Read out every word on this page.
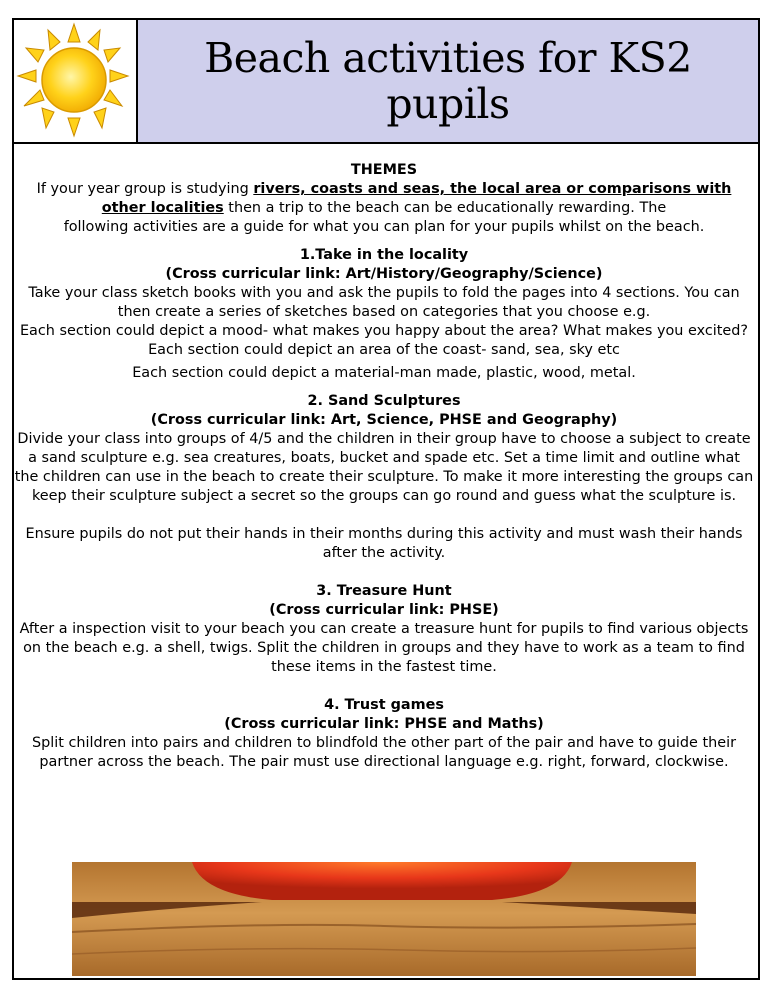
Beach activities for KS2
pupils

THEMES

If your year group is studying rivers, coasts and seas, the local area or comparisons with other localities then a trip to the beach can be educationally rewarding. The

following activities are a guide for what you can plan for your pupils whilst on the beach.

1.Take in the locality

(Cross curricular link: Art/History/Geography/Science)

Take your class sketch books with you and ask the pupils to fold the pages into 4 sections. You can then create a series of sketches based on categories that you choose e.g.

Each section could depict a mood- what makes you happy about the area? What makes you excited?

Each section could depict an area of the coast- sand, sea, sky etc

Each section could depict a material-man made, plastic, wood, metal.

2. Sand Sculptures

(Cross curricular link: Art, Science, PHSE and Geography)

Divide your class into groups of 4/5 and the children in their group have to choose a subject to create a sand sculpture e.g. sea creatures, boats, bucket and spade etc. Set a time limit and outline what the children can use in the beach to create their sculpture. To make it more interesting the groups can keep their sculpture subject a secret so the groups can go round and guess what the sculpture is.

Ensure pupils do not put their hands in their months during this activity and must wash their hands after the activity.

3. Treasure Hunt

(Cross curricular link: PHSE)

After a inspection visit to your beach you can create a treasure hunt for pupils to find various objects on the beach e.g. a shell, twigs. Split the children in groups and they have to work as a team to find these items in the fastest time.

4. Trust games

(Cross curricular link: PHSE and Maths)

Split children into pairs and children to blindfold the other part of the pair and have to guide their partner across the beach. The pair must use directional language e.g. right, forward, clockwise.
